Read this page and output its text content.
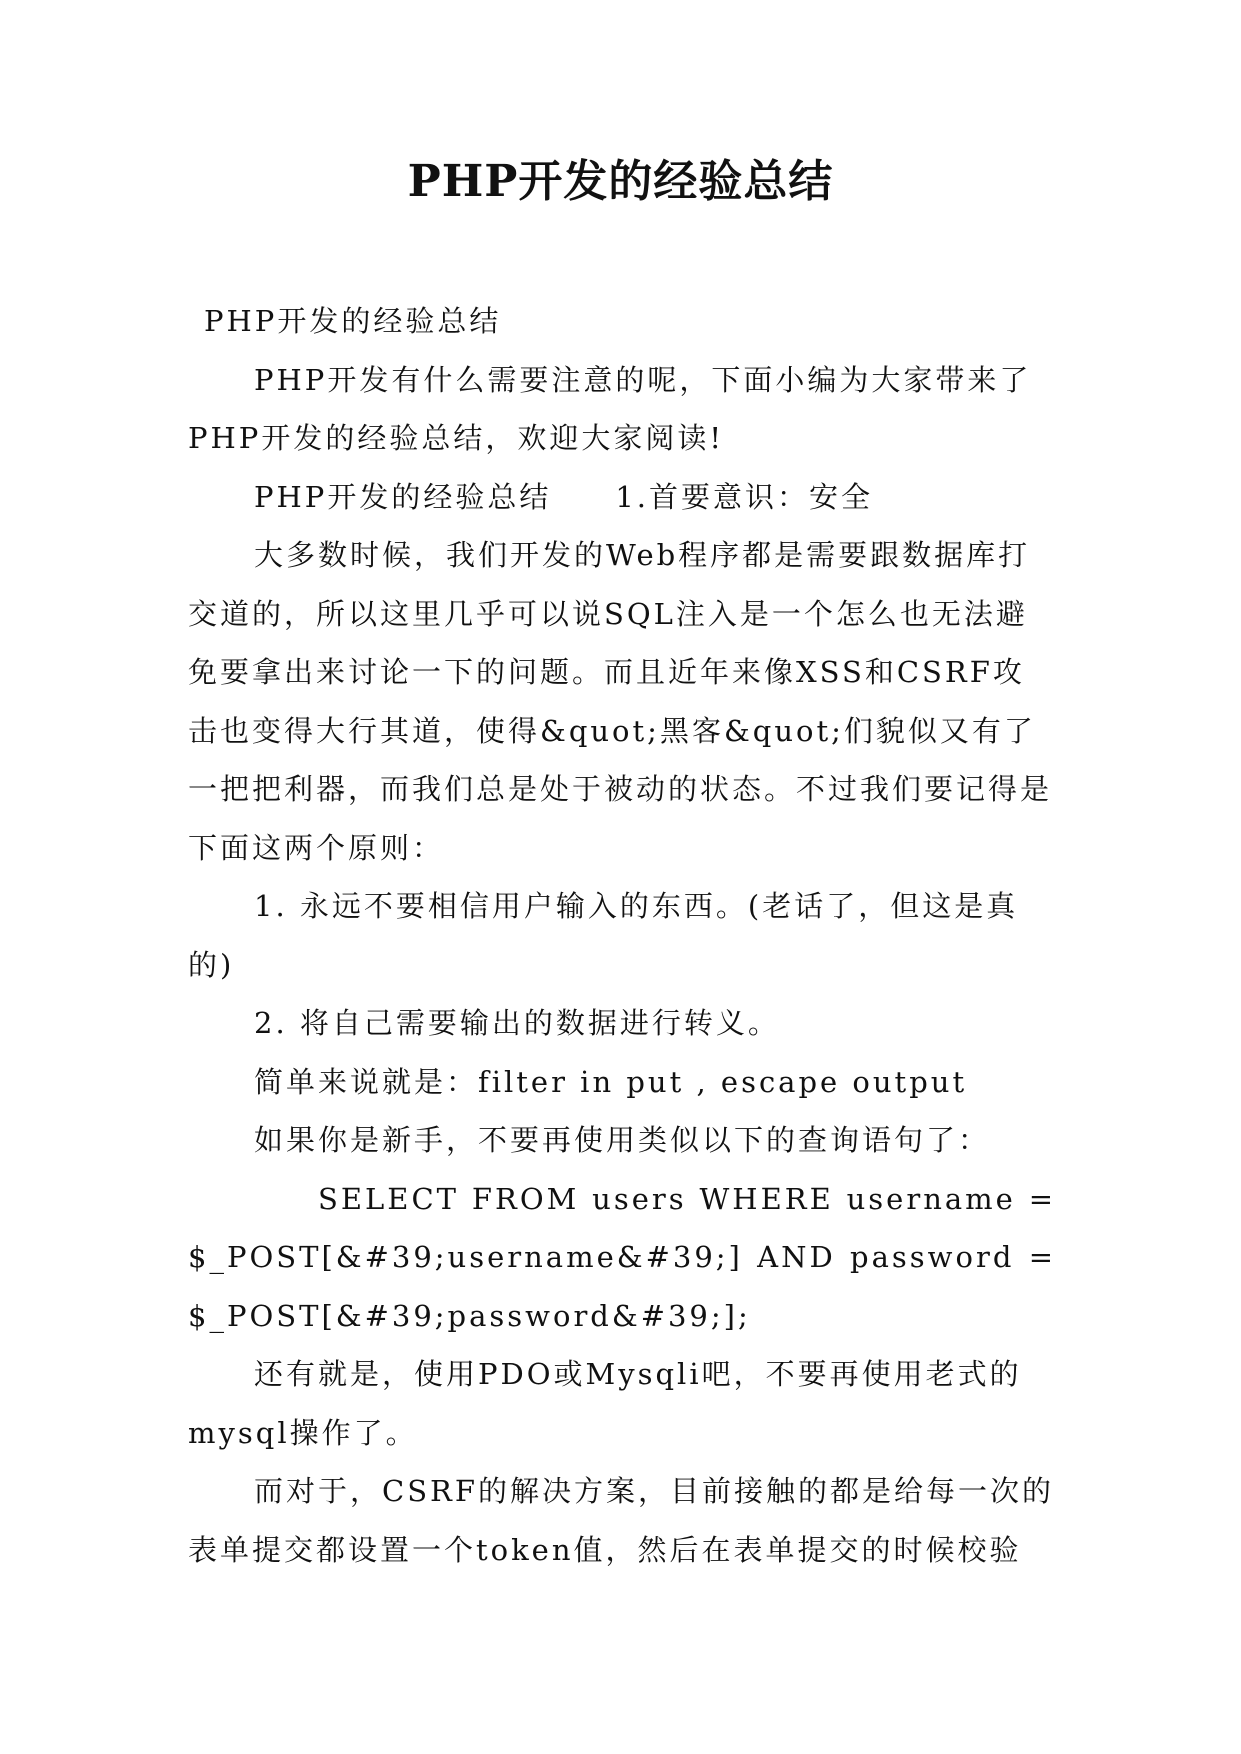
PHP开发的经验总结

PHP开发的经验总结

PHP开发有什么需要注意的呢，下面小编为大家带来了PHP开发的经验总结，欢迎大家阅读!

PHP开发的经验总结 1.首要意识：安全

大多数时候，我们开发的Web程序都是需要跟数据库打交道的，所以这里几乎可以说SQL注入是一个怎么也无法避免要拿出来讨论一下的问题。而且近年来像XSS和CSRF攻击也变得大行其道，使得&quot;黑客&quot;们貌似又有了一把把利器，而我们总是处于被动的状态。不过我们要记得是下面这两个原则：

1. 永远不要相信用户输入的东西。(老话了，但这是真的)

2. 将自己需要输出的数据进行转义。

简单来说就是：filter in put , escape output

如果你是新手，不要再使用类似以下的查询语句了：

SELECT FROM users WHERE username =

$_POST[&#39;username&#39;] AND password =

$_POST[&#39;password&#39;];

还有就是，使用PDO或Mysqli吧，不要再使用老式的mysql操作了。

而对于，CSRF的解决方案，目前接触的都是给每一次的表单提交都设置一个token值，然后在表单提交的时候校验
